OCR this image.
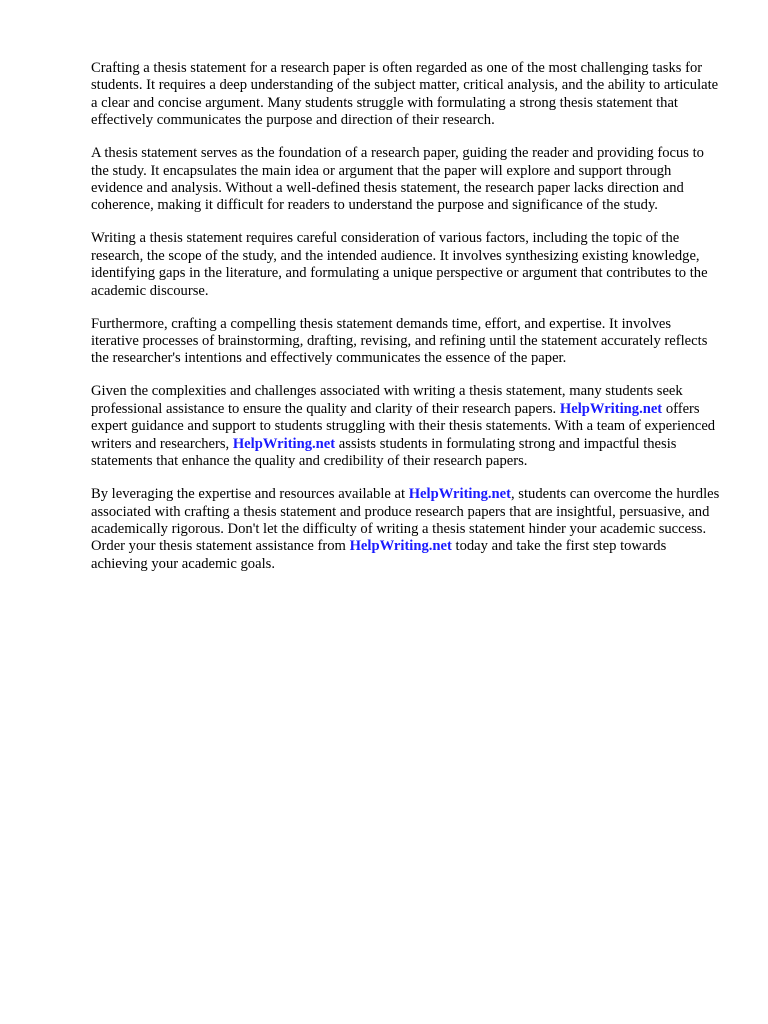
Crafting a thesis statement for a research paper is often regarded as one of the most challenging tasks for students. It requires a deep understanding of the subject matter, critical analysis, and the ability to articulate a clear and concise argument. Many students struggle with formulating a strong thesis statement that effectively communicates the purpose and direction of their research.

A thesis statement serves as the foundation of a research paper, guiding the reader and providing focus to the study. It encapsulates the main idea or argument that the paper will explore and support through evidence and analysis. Without a well-defined thesis statement, the research paper lacks direction and coherence, making it difficult for readers to understand the purpose and significance of the study.

Writing a thesis statement requires careful consideration of various factors, including the topic of the research, the scope of the study, and the intended audience. It involves synthesizing existing knowledge, identifying gaps in the literature, and formulating a unique perspective or argument that contributes to the academic discourse.

Furthermore, crafting a compelling thesis statement demands time, effort, and expertise. It involves iterative processes of brainstorming, drafting, revising, and refining until the statement accurately reflects the researcher's intentions and effectively communicates the essence of the paper.

Given the complexities and challenges associated with writing a thesis statement, many students seek professional assistance to ensure the quality and clarity of their research papers. HelpWriting.net offers expert guidance and support to students struggling with their thesis statements. With a team of experienced writers and researchers, HelpWriting.net assists students in formulating strong and impactful thesis statements that enhance the quality and credibility of their research papers.

By leveraging the expertise and resources available at HelpWriting.net, students can overcome the hurdles associated with crafting a thesis statement and produce research papers that are insightful, persuasive, and academically rigorous. Don't let the difficulty of writing a thesis statement hinder your academic success. Order your thesis statement assistance from HelpWriting.net today and take the first step towards achieving your academic goals.
